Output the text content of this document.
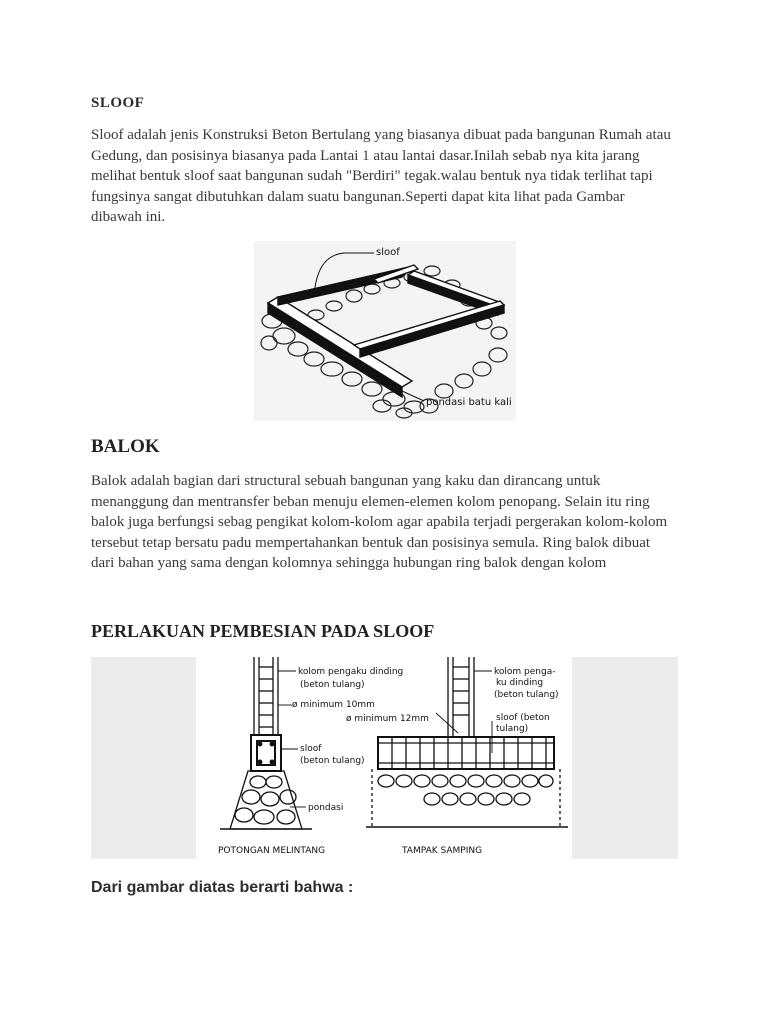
SLOOF
Sloof adalah jenis Konstruksi Beton Bertulang yang biasanya dibuat pada bangunan Rumah atau
Gedung, dan posisinya biasanya pada Lantai 1 atau lantai dasar.Inilah sebab nya kita jarang
melihat bentuk sloof saat bangunan sudah "Berdiri" tegak.walau bentuk nya tidak terlihat tapi
fungsinya sangat dibutuhkan dalam suatu bangunan.Seperti dapat kita lihat pada Gambar
dibawah ini.
sloof
pondasi batu kali
BALOK
Balok adalah bagian dari structural sebuah bangunan yang kaku dan dirancang untuk
menanggung dan mentransfer beban menuju elemen-elemen kolom penopang. Selain itu ring
balok juga berfungsi sebag pengikat kolom-kolom agar apabila terjadi pergerakan kolom-kolom
tersebut tetap bersatu padu mempertahankan bentuk dan posisinya semula. Ring balok dibuat
dari bahan yang sama dengan kolomnya sehingga hubungan ring balok dengan kolom
PERLAKUAN PEMBESIAN PADA SLOOF
kolom pengaku dinding
(beton tulang)
ø minimum 10mm
sloof
(beton tulang)
pondasi
POTONGAN MELINTANG
kolom penga-
ku dinding
(beton tulang)
ø minimum 12mm	sloof (beton
tulang)
TAMPAK SAMPING
Dari gambar diatas berarti bahwa :
